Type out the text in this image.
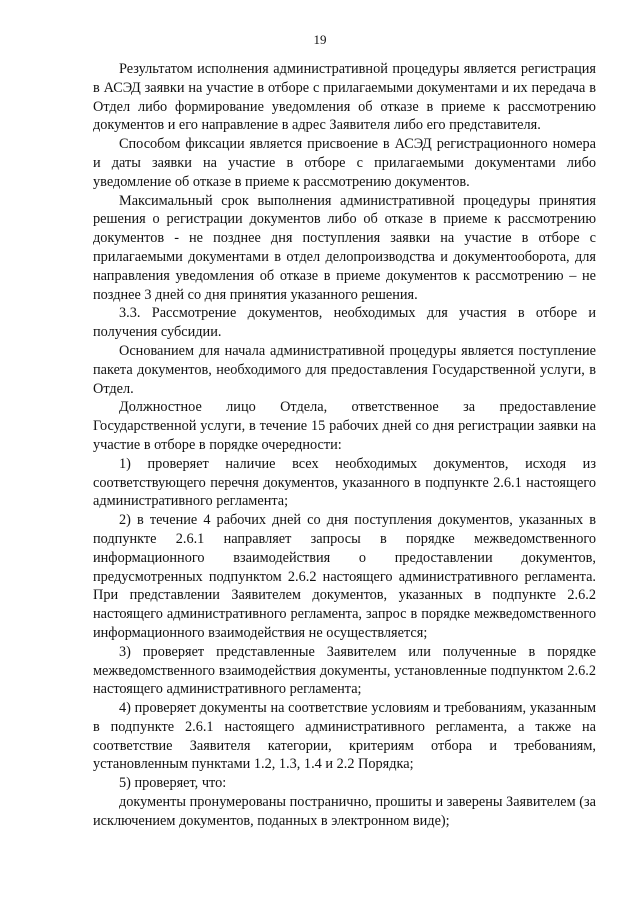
19

Результатом исполнения административной процедуры является регистрация в АСЭД заявки на участие в отборе с прилагаемыми документами и их передача в Отдел либо формирование уведомления об отказе в приеме к рассмотрению документов и его направление в адрес Заявителя либо его представителя.

Способом фиксации является присвоение в АСЭД регистрационного номера и даты заявки на участие в отборе с прилагаемыми документами либо уведомление об отказе в приеме к рассмотрению документов.

Максимальный срок выполнения административной процедуры принятия решения о регистрации документов либо об отказе в приеме к рассмотрению документов - не позднее дня поступления заявки на участие в отборе с прилагаемыми документами в отдел делопроизводства и документооборота, для направления уведомления об отказе в приеме документов к рассмотрению – не позднее 3 дней со дня принятия указанного решения.

3.3. Рассмотрение документов, необходимых для участия в отборе и получения субсидии.

Основанием для начала административной процедуры является поступление пакета документов, необходимого для предоставления Государственной услуги, в Отдел.

Должностное лицо Отдела, ответственное за предоставление Государственной услуги, в течение 15 рабочих дней со дня регистрации заявки на участие в отборе в порядке очередности:

1) проверяет наличие всех необходимых документов, исходя из соответствующего перечня документов, указанного в подпункте 2.6.1 настоящего административного регламента;

2) в течение 4 рабочих дней со дня поступления документов, указанных в подпункте 2.6.1 направляет запросы в порядке межведомственного информационного взаимодействия о предоставлении документов, предусмотренных подпунктом 2.6.2 настоящего административного регламента. При представлении Заявителем документов, указанных в подпункте 2.6.2 настоящего административного регламента, запрос в порядке межведомственного информационного взаимодействия не осуществляется;

3) проверяет представленные Заявителем или полученные в порядке межведомственного взаимодействия документы, установленные подпунктом 2.6.2 настоящего административного регламента;

4) проверяет документы на соответствие условиям и требованиям, указанным в подпункте 2.6.1 настоящего административного регламента, а также на соответствие Заявителя категории, критериям отбора и требованиям, установленным пунктами 1.2, 1.3, 1.4 и 2.2 Порядка;

5) проверяет, что:

документы пронумерованы постранично, прошиты и заверены Заявителем (за исключением документов, поданных в электронном виде);
